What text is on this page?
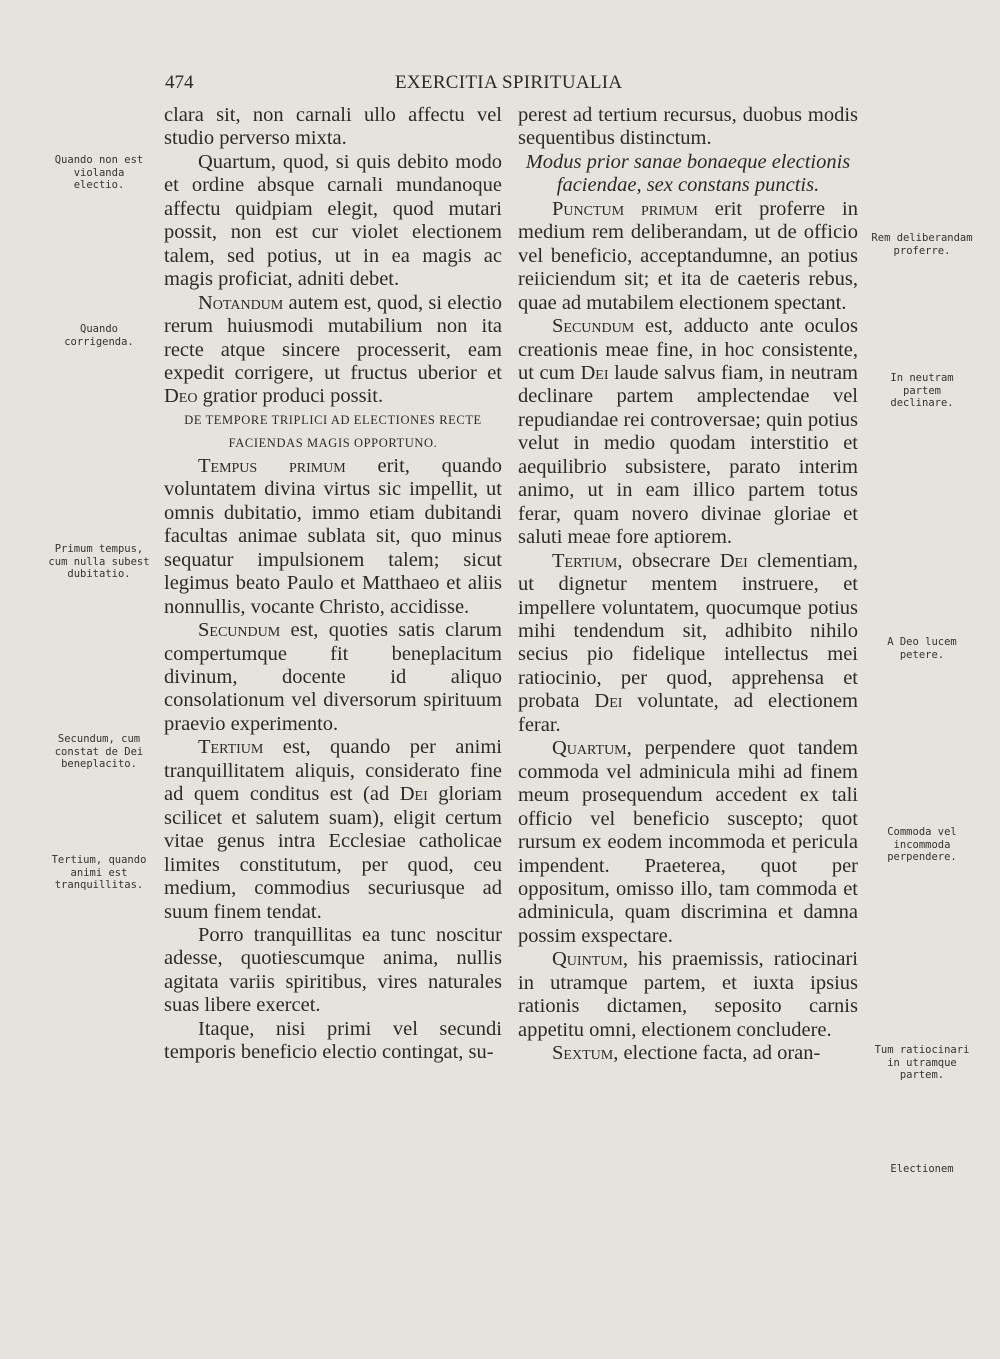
474	EXERCITIA SPIRITUALIA
Quando non est violanda electio.
Quando corrigenda.
Primum tempus, cum nulla subest dubitatio.
Secundum, cum constat de Dei beneplacito.
Tertium, quando animi est tranquillitas.
Rem deliberandam proferre.
In neutram partem declinare.
A Deo lucem petere.
Commoda vel incommoda perpendere.
Tum ratiocinari in utramque partem.
Electionem

clara sit, non carnali ullo affectu vel studio perverso mixta.

Quartum, quod, si quis debito modo et ordine absque carnali mundanoque affectu quidpiam elegit, quod mutari possit, non est cur violet electionem talem, sed potius, ut in ea magis ac magis proficiat, adniti debet.

Notandum autem est, quod, si electio rerum huiusmodi mutabilium non ita recte atque sincere processerit, eam expedit corrigere, ut fructus uberior et Deo gratior produci possit.

DE TEMPORE TRIPLICI AD ELECTIONES RECTE FACIENDAS MAGIS OPPORTUNO.

Tempus primum erit, quando voluntatem divina virtus sic impellit, ut omnis dubitatio, immo etiam dubitandi facultas animae sublata sit, quo minus sequatur impulsionem talem; sicut legimus beato Paulo et Matthaeo et aliis nonnullis, vocante Christo, accidisse.

Secundum est, quoties satis clarum compertumque fit beneplacitum divinum, docente id aliquo consolationum vel diversorum spirituum praevio experimento.

Tertium est, quando per animi tranquillitatem aliquis, considerato fine ad quem conditus est (ad Dei gloriam scilicet et salutem suam), eligit certum vitae genus intra Ecclesiae catholicae limites constitutum, per quod, ceu medium, commodius securiusque ad suum finem tendat.

Porro tranquillitas ea tunc noscitur adesse, quotiescumque anima, nullis agitata variis spiritibus, vires naturales suas libere exercet.

Itaque, nisi primi vel secundi temporis beneficio electio contingat, su-

perest ad tertium recursus, duobus modis sequentibus distinctum.

Modus prior sanae bonaeque electionis faciendae, sex constans punctis.

Punctum primum erit proferre in medium rem deliberandam, ut de officio vel beneficio, acceptandumne, an potius reiiciendum sit; et ita de caeteris rebus, quae ad mutabilem electionem spectant.

Secundum est, adducto ante oculos creationis meae fine, in hoc consistente, ut cum Dei laude salvus fiam, in neutram declinare partem amplectendae vel repudiandae rei controversae; quin potius velut in medio quodam interstitio et aequilibrio subsistere, parato interim animo, ut in eam illico partem totus ferar, quam novero divinae gloriae et saluti meae fore aptiorem.

Tertium, obsecrare Dei clementiam, ut dignetur mentem instruere, et impellere voluntatem, quocumque potius mihi tendendum sit, adhibito nihilo secius pio fidelique intellectus mei ratiocinio, per quod, apprehensa et probata Dei voluntate, ad electionem ferar.

Quartum, perpendere quot tandem commoda vel adminicula mihi ad finem meum prosequendum accedent ex tali officio vel beneficio suscepto; quot rursum ex eodem incommoda et pericula impendent. Praeterea, quot per oppositum, omisso illo, tam commoda et adminicula, quam discrimina et damna possim exspectare.

Quintum, his praemissis, ratiocinari in utramque partem, et iuxta ipsius rationis dictamen, seposito carnis appetitu omni, electionem concludere.

Sextum, electione facta, ad oran-
